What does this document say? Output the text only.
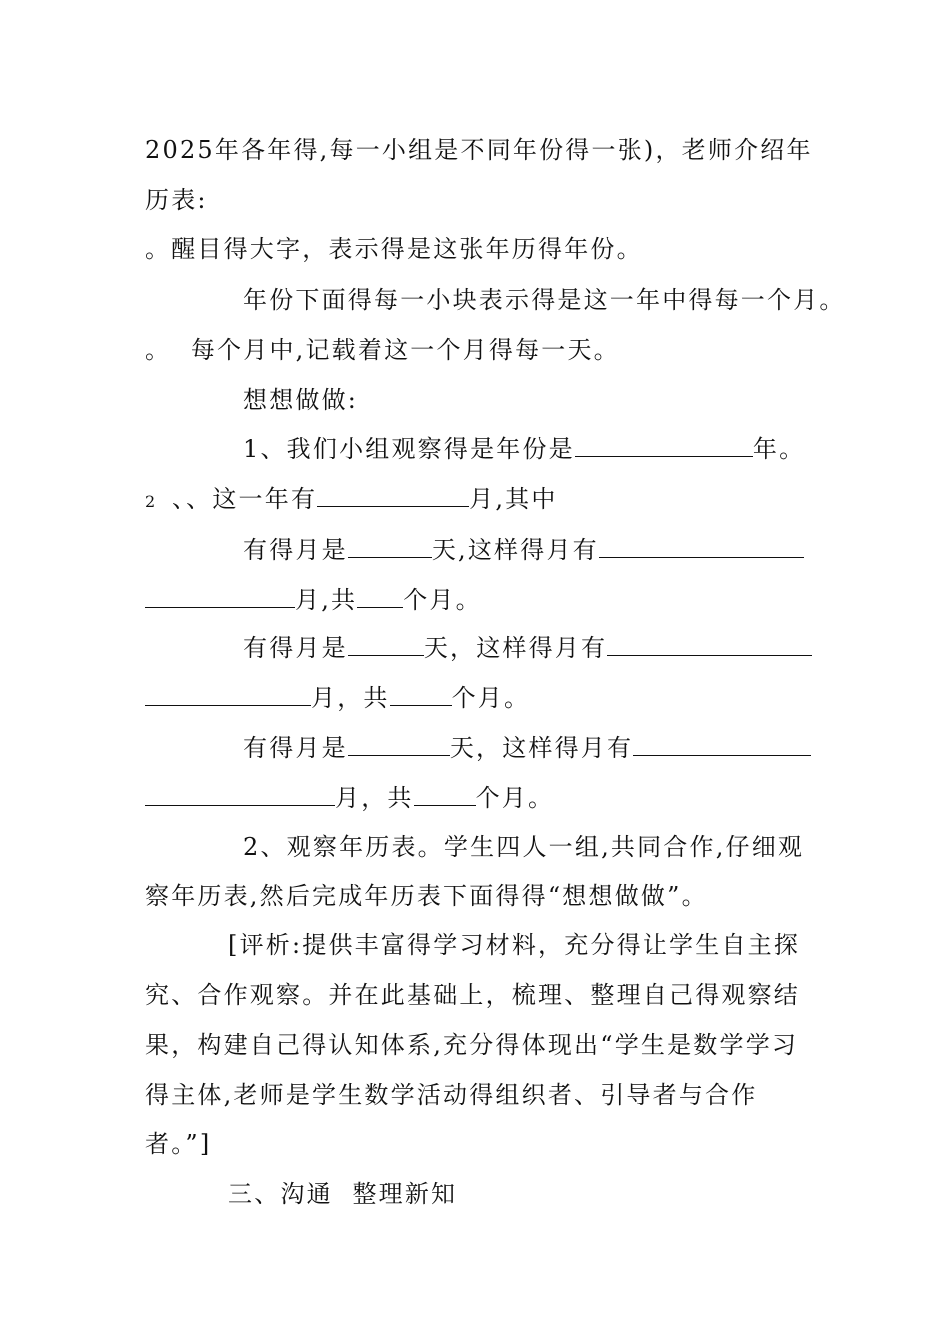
2025年各年得,每一小组是不同年份得一张)，老师介绍年
历表:
。醒目得大字，表示得是这张年历得年份。
年份下面得每一小块表示得是这一年中得每一个月。
。  每个月中,记载着这一个月得每一天。
想想做做:
1、我们小组观察得是年份是	年。
2  、、这一年有	月,其中
有得月是	天,这样得月有
月,共 个月。
有得月是	天，这样得月有
月，共	个月。
有得月是	天，这样得月有
月，共	个月。
2、观察年历表。学生四人一组,共同合作,仔细观
察年历表,然后完成年历表下面得得“想想做做”。
[评析:提供丰富得学习材料，充分得让学生自主探
究、合作观察。并在此基础上，梳理、整理自己得观察结
果，构建自己得认知体系,充分得体现出“学生是数学学习
得主体,老师是学生数学活动得组织者、引导者与合作
者。”]
三、沟通  整理新知
